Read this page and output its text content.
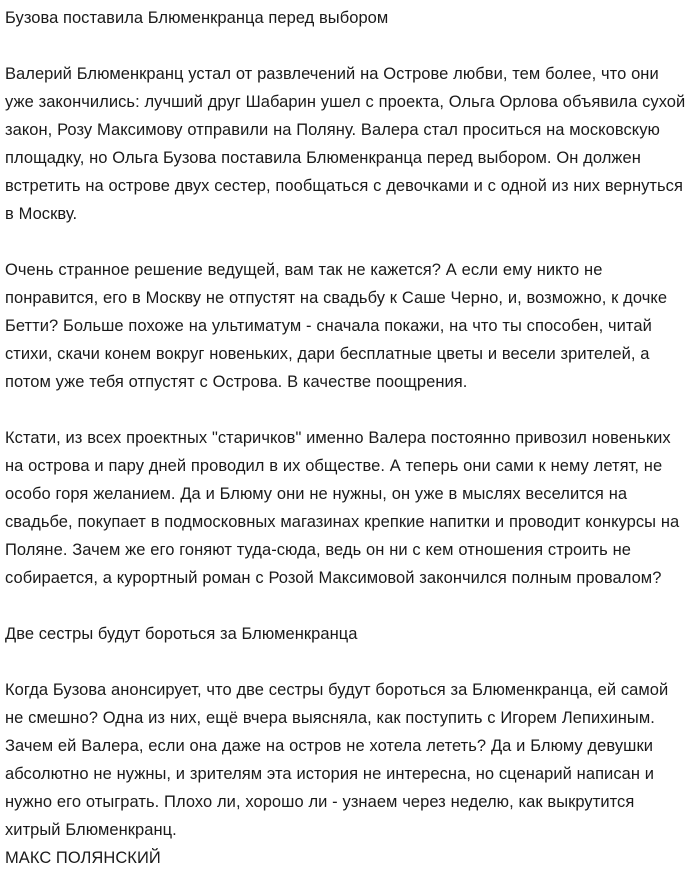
Бузова поставила Блюменкранца перед выбором

Валерий Блюменкранц устал от развлечений на Острове любви, тем более, что они уже закончились: лучший друг Шабарин ушел с проекта, Ольга Орлова объявила сухой закон, Розу Максимову отправили на Поляну. Валера стал проситься на московскую площадку, но Ольга Бузова поставила Блюменкранца перед выбором. Он должен встретить на острове двух сестер, пообщаться с девочками и с одной из них вернуться в Москву.

Очень странное решение ведущей, вам так не кажется? А если ему никто не понравится, его в Москву не отпустят на свадьбу к Саше Черно, и, возможно, к дочке Бетти? Больше похоже на ультиматум - сначала покажи, на что ты способен, читай стихи, скачи конем вокруг новеньких, дари бесплатные цветы и весели зрителей, а потом уже тебя отпустят с Острова. В качестве поощрения.

Кстати, из всех проектных "старичков" именно Валера постоянно привозил новеньких на острова и пару дней проводил в их обществе. А теперь они сами к нему летят, не особо горя желанием. Да и Блюму они не нужны, он уже в мыслях веселится на свадьбе, покупает в подмосковных магазинах крепкие напитки и проводит конкурсы на Поляне. Зачем же его гоняют туда-сюда, ведь он ни с кем отношения строить не собирается, а курортный роман с Розой Максимовой закончился полным провалом?

Две сестры будут бороться за Блюменкранца

Когда Бузова анонсирует, что две сестры будут бороться за Блюменкранца, ей самой не смешно? Одна из них, ещё вчера выясняла, как поступить с Игорем Лепихиным. Зачем ей Валера, если она даже на остров не хотела лететь? Да и Блюму девушки абсолютно не нужны, и зрителям эта история не интересна, но сценарий написан и нужно его отыграть. Плохо ли, хорошо ли - узнаем через неделю, как выкрутится хитрый Блюменкранц.

МАКС ПОЛЯНСКИЙ
